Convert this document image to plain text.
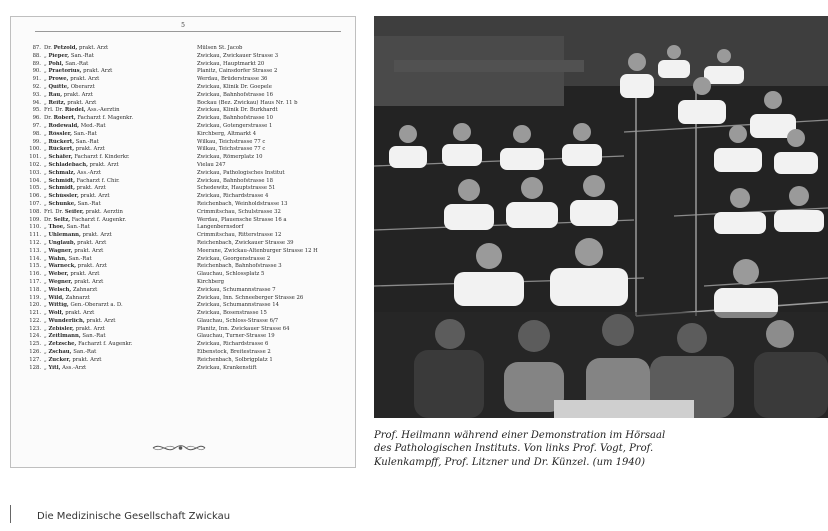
5
87. Dr. Petzold, prakt. Arzt	Mülsen St. Jacob
88. „ Pieper, San.-Rat	Zwickau, Zwickauer Strasse 3
89. „ Pohl, San.-Rat	Zwickau, Hauptmarkt 20
90. „ Praetorius, prakt. Arzt	Planitz, Cainsdorfer Strasse 2
91. „ Prowe, prakt. Arzt	Werdau, Brüderstrasse 36
92. „ Quitte, Oberarzt	Zwickau, Klinik Dr. Goepele
93. „ Rau, prakt. Arzt	Zwickau, Bahnhofstrasse 16
94. „ Reitz, prakt. Arzt	Bockau (Bez. Zwickau) Haus Nr. 11 b
95. Frl. Dr. Riedel, Ass.-Aerztin	Zwickau, Klinik Dr. Burkhardt
96. Dr. Robert, Facharzt f. Magenkr.	Zwickau, Bahnhofstrasse 10
97. „ Rodewald, Med.-Rat	Zwickau, Gotengerstrasse 1
98. „ Rössler, San.-Rat	Kirchberg, Altmarkt 4
99. „ Rückert, San.-Rat	Wilkau, Teichstrasse 77 c
100. „ Rückert, prakt. Arzt	Wilkau, Teichstrasse 77 c
101. „ Schäfer, Facharzt f. Kinderkr.	Zwickau, Römerplatz 10
102. „ Schladebach, prakt. Arzt	Vielau 247
103. „ Schmalz, Ass.-Arzt	Zwickau, Pathologisches Institut
104. „ Schmidt, Facharzt f. Chir.	Zwickau, Bahnhofstrasse 18
105. „ Schmidt, prakt. Arzt	Schedewitz, Hauptstrasse 51
106. „ Schüssler, prakt. Arzt	Zwickau, Richardstrasse 4
107. „ Schunke, San.-Rat	Reichenbach, Weinholdstrasse 13
108. Frl. Dr. Seifer, prakt. Aerztin	Crimmitschau, Schulstrasse 32
109. Dr. Seltz, Facharzt f. Augenkr.	Werdau, Plauensche Strasse 16 a
110. „ Thoe, San.-Rat	Langenbernsdorf
111. „ Uhlemann, prakt. Arzt	Crimmitschau, Ritterstrasse 12
112. „ Unglaub, prakt. Arzt	Reichenbach, Zwickauer Strasse 39
113. „ Wagner, prakt. Arzt	Meerane, Zwickau-Altenburger Strasse 12 H
114. „ Wahn, San.-Rat	Zwickau, Georgenstrasse 2
115. „ Warneck, prakt. Arzt	Reichenbach, Bahnhofstrasse 3
116. „ Weber, prakt. Arzt	Glauchau, Schlossplatz 5
117. „ Wegner, prakt. Arzt	Kirchberg
118. „ Welsch, Zahnarzt	Zwickau, Schumannstrasse 7
119. „ Wild, Zahnarzt	Zwickau, Inn. Schneeberger Strasse 26
120. „ Wittig, Gen.-Oberarzt a. D.	Zwickau, Schumannstrasse 14
121. „ Wolf, prakt. Arzt	Zwickau, Bosenstrasse 15
122. „ Wunderlich, prakt. Arzt	Glauchau, Schloss-Strasse 6/7
123. „ Zebisler, prakt. Arzt	Planitz, Inn. Zwickauer Strasse 64
124. „ Zeitlmann, San.-Rat	Glauchau, Turner-Strasse 19
125. „ Zetzsche, Facharzt f. Augenkr.	Zwickau, Richardstrasse 6
126. „ Zschau, San.-Rat	Eibenstock, Breitestrasse 2
127. „ Zucker, prakt. Arzt	Reichenbach, Solbrigplatz 1
128. „ Yitl, Ass.-Arzt	Zwickau, Krankenstift
Prof. Heilmann während einer Demonstration im Hörsaal
des Pathologischen Instituts. Von links Prof. Vogt, Prof.
Kulenkampff, Prof. Litzner und Dr. Künzel. (um 1940)
Die Medizinische Gesellschaft Zwickau
